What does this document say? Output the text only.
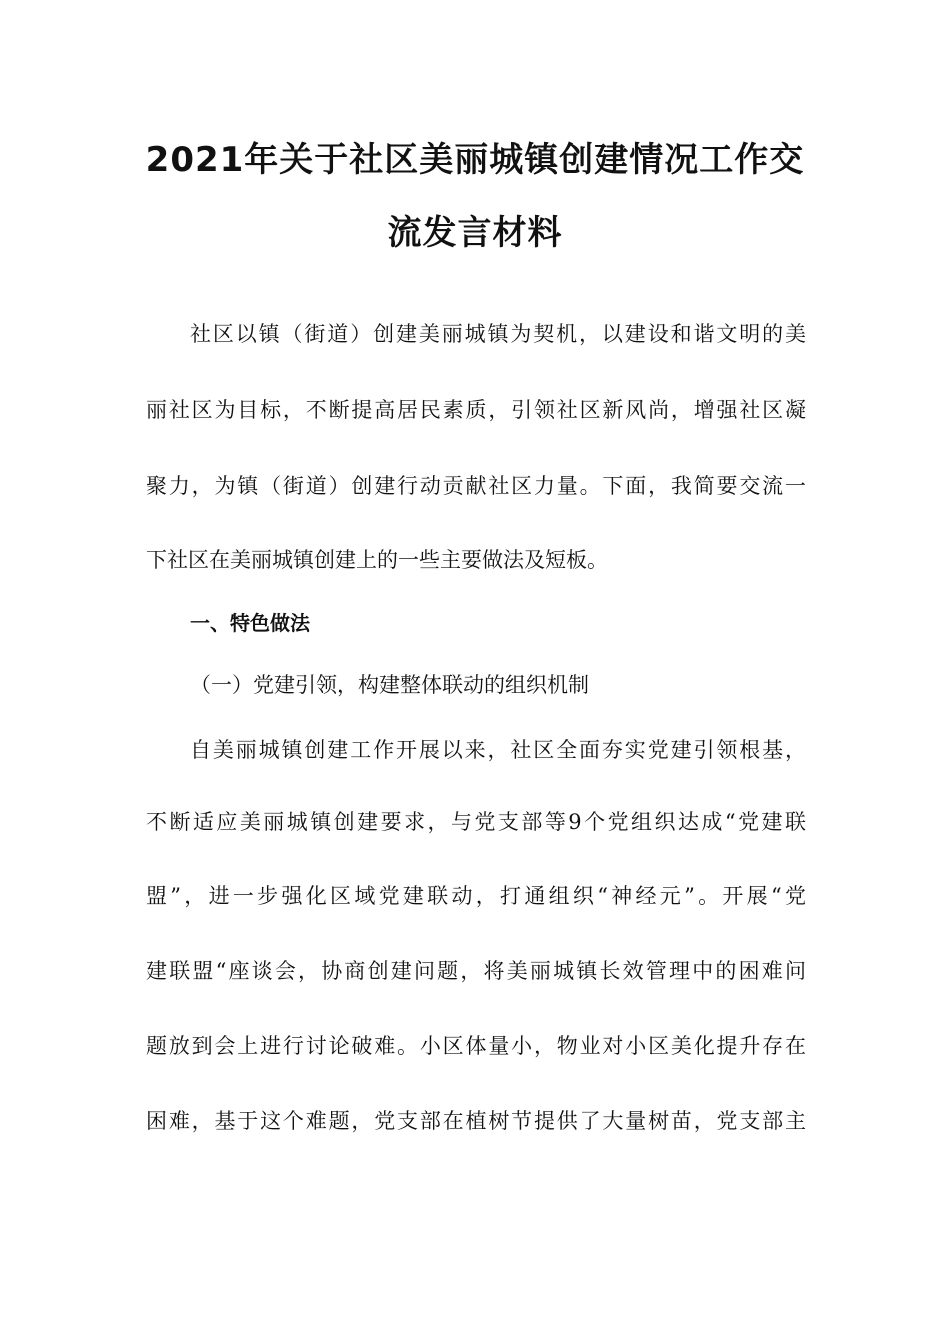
2021年关于社区美丽城镇创建情况工作交
流发言材料
社区以镇（街道）创建美丽城镇为契机，以建设和谐文明的美
丽社区为目标，不断提高居民素质，引领社区新风尚，增强社区凝
聚力，为镇（街道）创建行动贡献社区力量。下面，我简要交流一
下社区在美丽城镇创建上的一些主要做法及短板。
一、特色做法
（一）党建引领，构建整体联动的组织机制
自美丽城镇创建工作开展以来，社区全面夯实党建引领根基，
不断适应美丽城镇创建要求，与党支部等9个党组织达成“党建联
盟”，进一步强化区域党建联动，打通组织“神经元”。开展“党
建联盟“座谈会，协商创建问题，将美丽城镇长效管理中的困难问
题放到会上进行讨论破难。小区体量小，物业对小区美化提升存在
困难，基于这个难题，党支部在植树节提供了大量树苗，党支部主
